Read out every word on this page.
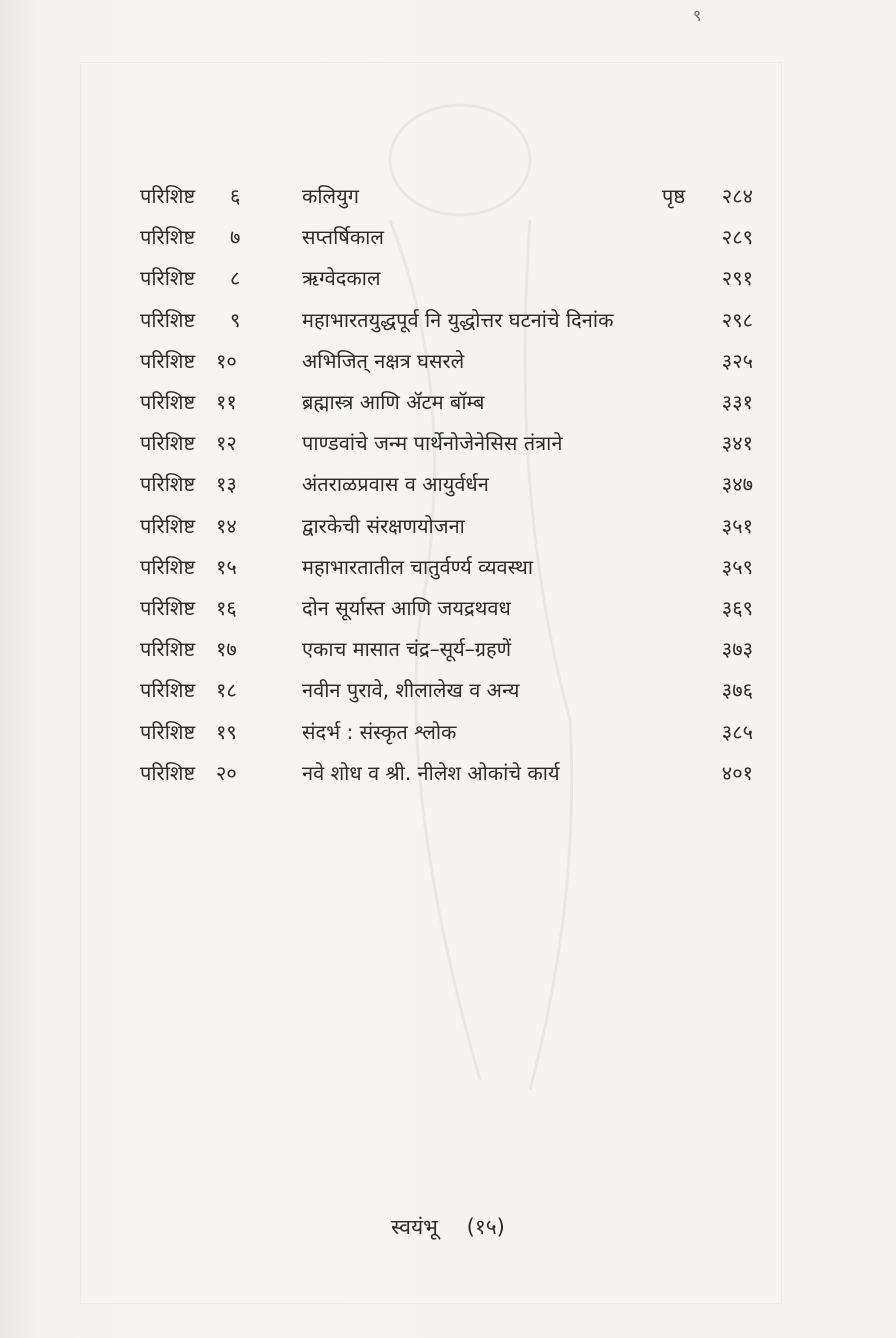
९
परिशिष्ट ६	कलियुग	पृष्ठ २८४
परिशिष्ट ७	सप्तर्षिकाल	२८९
परिशिष्ट ८	ऋग्वेदकाल	२९१
परिशिष्ट ९	महाभारतयुद्धपूर्व नि युद्धोत्तर घटनांचे दिनांक	२९८
परिशिष्ट १०	अभिजित् नक्षत्र घसरले	३२५
परिशिष्ट ११	ब्रह्मास्त्र आणि ॲटम बॉम्ब	३३१
परिशिष्ट १२	पाण्डवांचे जन्म पार्थेनोजेनेसिस तंत्राने	३४१
परिशिष्ट १३	अंतराळप्रवास व आयुर्वर्धन	३४७
परिशिष्ट १४	द्वारकेची संरक्षणयोजना	३५१
परिशिष्ट १५	महाभारतातील चातुर्वर्ण्य व्यवस्था	३५९
परिशिष्ट १६	दोन सूर्यास्त आणि जयद्रथवध	३६९
परिशिष्ट १७	एकाच मासात चंद्र–सूर्य–ग्रहणें	३७३
परिशिष्ट १८	नवीन पुरावे, शीलालेख व अन्य	३७६
परिशिष्ट १९	संदर्भ : संस्कृत श्लोक	३८५
परिशिष्ट २०	नवे शोध व श्री. नीलेश ओकांचे कार्य	४०१
स्वयंभू (१५)
